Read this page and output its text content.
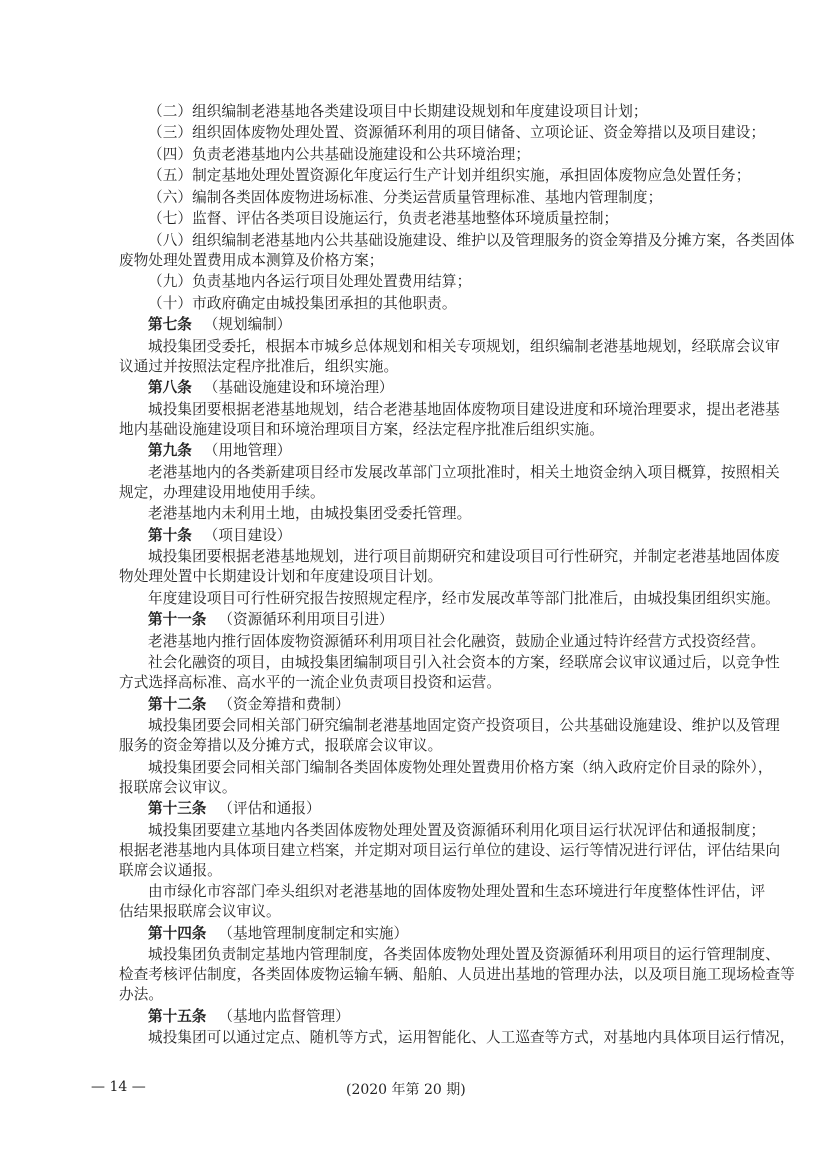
（二）组织编制老港基地各类建设项目中长期建设规划和年度建设项目计划；
（三）组织固体废物处理处置、资源循环利用的项目储备、立项论证、资金筹措以及项目建设；
（四）负责老港基地内公共基础设施建设和公共环境治理；
（五）制定基地处理处置资源化年度运行生产计划并组织实施，承担固体废物应急处置任务；
（六）编制各类固体废物进场标准、分类运营质量管理标准、基地内管理制度；
（七）监督、评估各类项目设施运行，负责老港基地整体环境质量控制；
（八）组织编制老港基地内公共基础设施建设、维护以及管理服务的资金筹措及分摊方案，各类固体
废物处理处置费用成本测算及价格方案；
（九）负责基地内各运行项目处理处置费用结算；
（十）市政府确定由城投集团承担的其他职责。
第七条 （规划编制）
城投集团受委托，根据本市城乡总体规划和相关专项规划，组织编制老港基地规划，经联席会议审
议通过并按照法定程序批准后，组织实施。
第八条 （基础设施建设和环境治理）
城投集团要根据老港基地规划，结合老港基地固体废物项目建设进度和环境治理要求，提出老港基
地内基础设施建设项目和环境治理项目方案，经法定程序批准后组织实施。
第九条 （用地管理）
老港基地内的各类新建项目经市发展改革部门立项批准时，相关土地资金纳入项目概算，按照相关
规定，办理建设用地使用手续。
老港基地内未利用土地，由城投集团受委托管理。
第十条 （项目建设）
城投集团要根据老港基地规划，进行项目前期研究和建设项目可行性研究，并制定老港基地固体废
物处理处置中长期建设计划和年度建设项目计划。
年度建设项目可行性研究报告按照规定程序，经市发展改革等部门批准后，由城投集团组织实施。
第十一条 （资源循环利用项目引进）
老港基地内推行固体废物资源循环利用项目社会化融资，鼓励企业通过特许经营方式投资经营。
社会化融资的项目，由城投集团编制项目引入社会资本的方案，经联席会议审议通过后，以竞争性
方式选择高标准、高水平的一流企业负责项目投资和运营。
第十二条 （资金筹措和费制）
城投集团要会同相关部门研究编制老港基地固定资产投资项目，公共基础设施建设、维护以及管理
服务的资金筹措以及分摊方式，报联席会议审议。
城投集团要会同相关部门编制各类固体废物处理处置费用价格方案（纳入政府定价目录的除外），
报联席会议审议。
第十三条 （评估和通报）
城投集团要建立基地内各类固体废物处理处置及资源循环利用化项目运行状况评估和通报制度；
根据老港基地内具体项目建立档案，并定期对项目运行单位的建设、运行等情况进行评估，评估结果向
联席会议通报。
由市绿化市容部门牵头组织对老港基地的固体废物处理处置和生态环境进行年度整体性评估，评
估结果报联席会议审议。
第十四条 （基地管理制度制定和实施）
城投集团负责制定基地内管理制度，各类固体废物处理处置及资源循环利用项目的运行管理制度、
检查考核评估制度，各类固体废物运输车辆、船舶、人员进出基地的管理办法，以及项目施工现场检查等
办法。
第十五条 （基地内监督管理）
城投集团可以通过定点、随机等方式，运用智能化、人工巡查等方式，对基地内具体项目运行情况，
— 14 —	(2020 年第 20 期)
